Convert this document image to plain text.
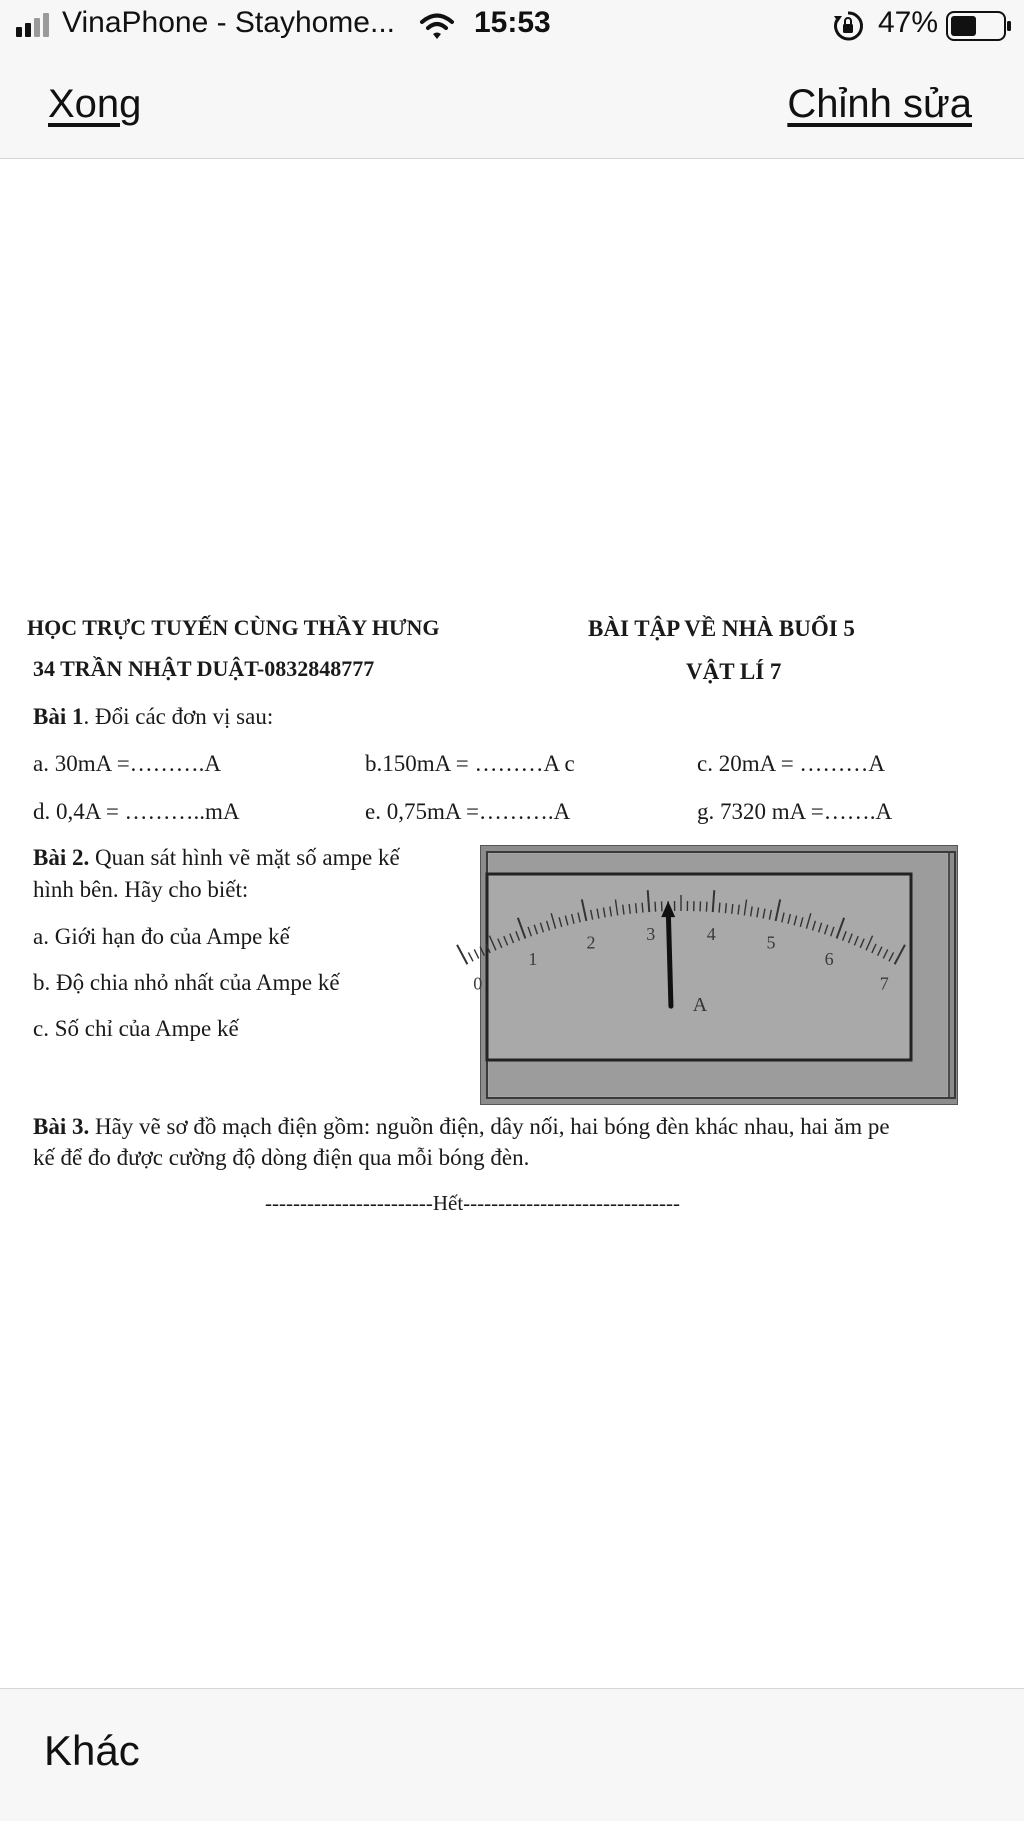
VinaPhone - Stayhome...	15:53	47%
Xong	Chỉnh sửa
HỌC TRỰC TUYẾN CÙNG THẦY HƯNG
34 TRẦN NHẬT DUẬT-0832848777
BÀI TẬP VỀ NHÀ BUỔI 5
VẬT LÍ 7
Bài 1. Đổi các đơn vị sau:
a. 30mA =……….A	b.150mA = ………A c	c. 20mA = ………A
d. 0,4A = ………..mA	e. 0,75mA =……….A	g. 7320 mA =…….A
Bài 2. Quan sát hình vẽ mặt số ampe kế
hình bên. Hãy cho biết:
a. Giới hạn đo của Ampe kế
b. Độ chia nhỏ nhất của Ampe kế
c. Số chỉ của Ampe kế
0
1
2	3	4	5
6
7
A
Bài 3. Hãy vẽ sơ đồ mạch điện gồm: nguồn điện, dây nối, hai bóng đèn khác nhau, hai ăm pe
kế để đo được cường độ dòng điện qua mỗi bóng đèn.
------------------------Hết-------------------------------
Khác
